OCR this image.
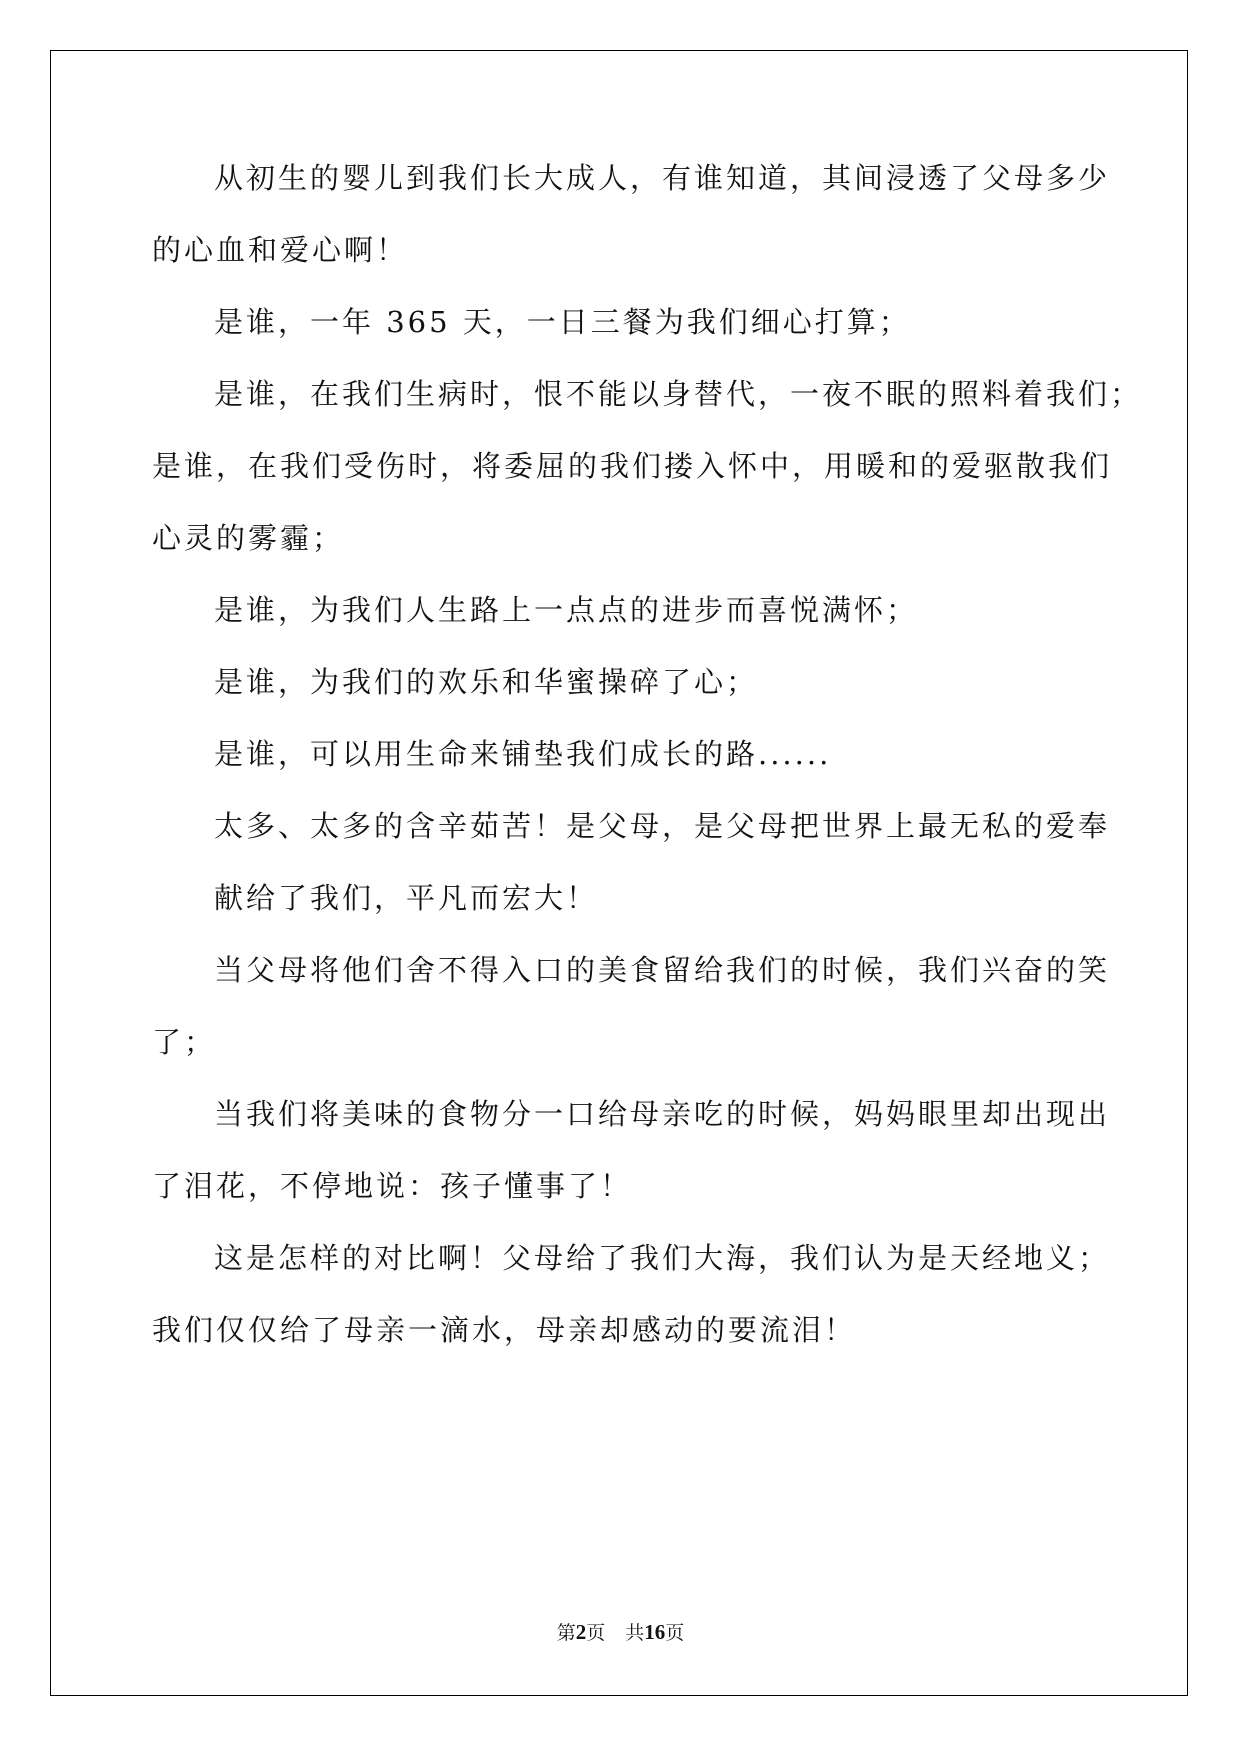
从初生的婴儿到我们长大成人，有谁知道，其间浸透了父母多少
的心血和爱心啊！
是谁，一年 365 天，一日三餐为我们细心打算；
是谁，在我们生病时，恨不能以身替代，一夜不眠的照料着我们；
是谁，在我们受伤时，将委屈的我们搂入怀中，用暖和的爱驱散我们
心灵的雾霾；
是谁，为我们人生路上一点点的进步而喜悦满怀；
是谁，为我们的欢乐和华蜜操碎了心；
是谁，可以用生命来铺垫我们成长的路......
太多、太多的含辛茹苦！是父母，是父母把世界上最无私的爱奉
献给了我们，平凡而宏大！
当父母将他们舍不得入口的美食留给我们的时候，我们兴奋的笑
了；
当我们将美味的食物分一口给母亲吃的时候，妈妈眼里却出现出
了泪花，不停地说：孩子懂事了！
这是怎样的对比啊！父母给了我们大海，我们认为是天经地义；
我们仅仅给了母亲一滴水，母亲却感动的要流泪！
第2页 共16页
